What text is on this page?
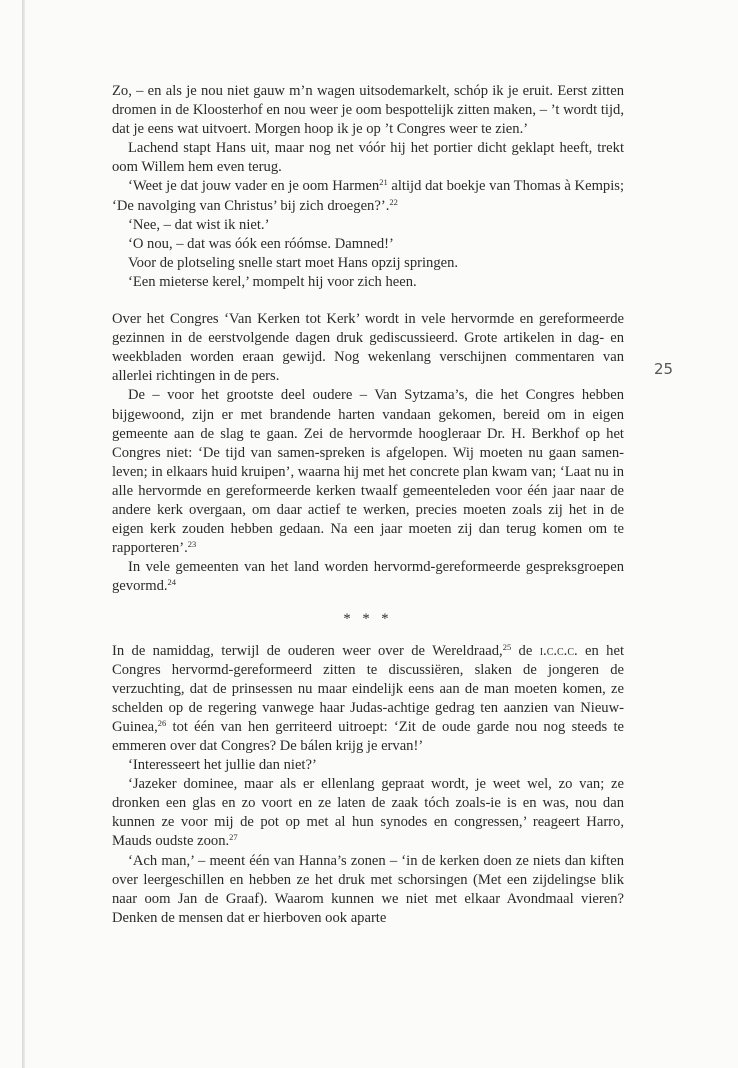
25

Zo, – en als je nou niet gauw m’n wagen uitsodemarkelt, schóp ik je eruit. Eerst zitten dromen in de Kloosterhof en nou weer je oom bespottelijk zitten maken, – ’t wordt tijd, dat je eens wat uitvoert. Morgen hoop ik je op ’t Congres weer te zien.’

Lachend stapt Hans uit, maar nog net vóór hij het portier dicht geklapt heeft, trekt oom Willem hem even terug.

‘Weet je dat jouw vader en je oom Harmen$^{21}$ altijd dat boekje van Thomas à Kempis; ‘De navolging van Christus’ bij zich droegen?’.$^{22}$

‘Nee, – dat wist ik niet.’

‘O nou, – dat was óók een róómse. Damned!’

Voor de plotseling snelle start moet Hans opzij springen.

‘Een mieterse kerel,’ mompelt hij voor zich heen.

Over het Congres ‘Van Kerken tot Kerk’ wordt in vele hervormde en gereformeerde gezinnen in de eerstvolgende dagen druk gediscussieerd. Grote artikelen in dag- en weekbladen worden eraan gewijd. Nog wekenlang verschijnen commentaren van allerlei richtingen in de pers.

De – voor het grootste deel oudere – Van Sytzama’s, die het Congres hebben bijgewoond, zijn er met brandende harten vandaan gekomen, bereid om in eigen gemeente aan de slag te gaan. Zei de hervormde hoogleraar Dr. H. Berkhof op het Congres niet: ‘De tijd van samen-spreken is afgelopen. Wij moeten nu gaan samen-leven; in elkaars huid kruipen’, waarna hij met het concrete plan kwam van; ‘Laat nu in alle hervormde en gereformeerde kerken twaalf gemeenteleden voor één jaar naar de andere kerk overgaan, om daar actief te werken, precies moeten zoals zij het in de eigen kerk zouden hebben gedaan. Na een jaar moeten zij dan terug komen om te rapporteren’.$^{23}$

In vele gemeenten van het land worden hervormd-gereformeerde gespreksgroepen gevormd.$^{24}$

* * *

In de namiddag, terwijl de ouderen weer over de Wereldraad,$^{25}$ de i.c.c.c. en het Congres hervormd-gereformeerd zitten te discussiëren, slaken de jongeren de verzuchting, dat de prinsessen nu maar eindelijk eens aan de man moeten komen, ze schelden op de regering vanwege haar Judas-achtige gedrag ten aanzien van Nieuw-Guinea,$^{26}$ tot één van hen gerriteerd uitroept: ‘Zit de oude garde nou nog steeds te emmeren over dat Congres? De bálen krijg je ervan!’

‘Interesseert het jullie dan niet?’

‘Jazeker dominee, maar als er ellenlang gepraat wordt, je weet wel, zo van; ze dronken een glas en zo voort en ze laten de zaak tóch zoals-ie is en was, nou dan kunnen ze voor mij de pot op met al hun synodes en congressen,’ reageert Harro, Mauds oudste zoon.$^{27}$

‘Ach man,’ – meent één van Hanna’s zonen – ‘in de kerken doen ze niets dan kiften over leergeschillen en hebben ze het druk met schorsingen (Met een zijdelingse blik naar oom Jan de Graaf). Waarom kunnen we niet met elkaar Avondmaal vieren? Denken de mensen dat er hierboven ook aparte
